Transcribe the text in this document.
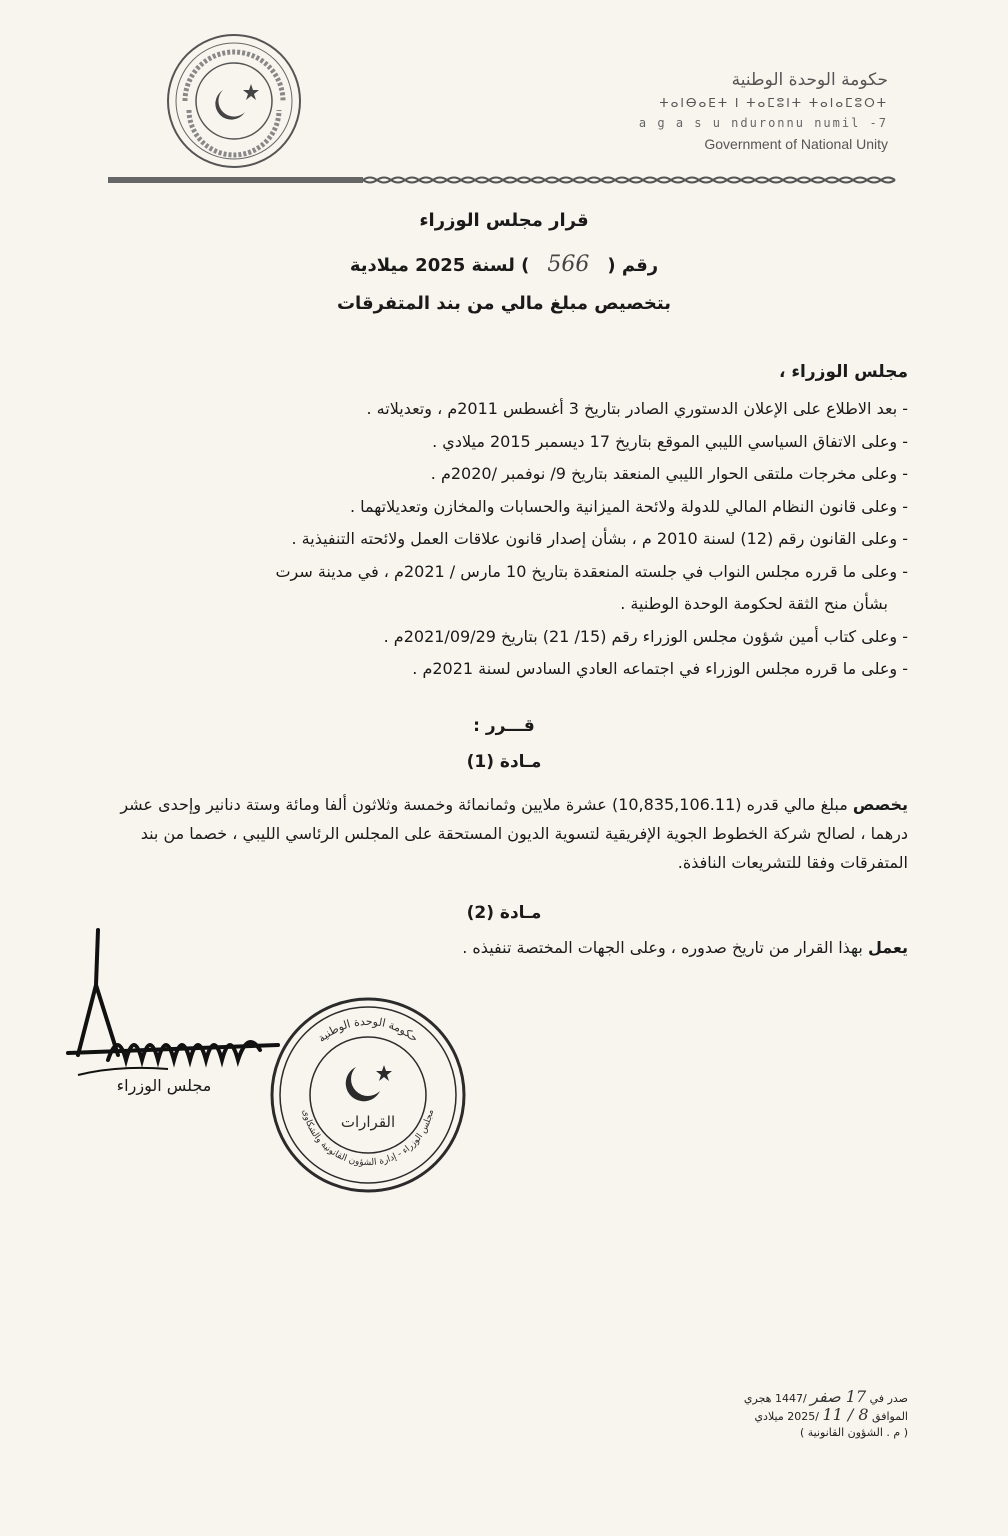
حكومة الوحدة الوطنية
ⵜⴰⵏⴱⴰⴹⵜ ⵏ ⵜⴰⵎⵓⵏⵜ ⵜⴰⵏⴰⵎⵓⵔⵜ
a g a s u nduronnu numil -7
Government of National Unity
قرار مجلس الوزراء
رقم (566) لسنة 2025 ميلادية
بتخصيص مبلغ مالي من بند المتفرقات
مجلس الوزراء ،
- بعد الاطلاع على الإعلان الدستوري الصادر بتاريخ 3 أغسطس 2011م ، وتعديلاته .
- وعلى الاتفاق السياسي الليبي الموقع بتاريخ 17 ديسمبر 2015 ميلادي .
- وعلى مخرجات ملتقى الحوار الليبي المنعقد بتاريخ 9/ نوفمبر /2020م .
- وعلى قانون النظام المالي للدولة ولائحة الميزانية والحسابات والمخازن وتعديلاتهما .
- وعلى القانون رقم (12) لسنة 2010 م ، بشأن إصدار قانون علاقات العمل ولائحته التنفيذية .
- وعلى ما قرره مجلس النواب في جلسته المنعقدة بتاريخ 10 مارس / 2021م ، في مدينة سرت
بشأن منح الثقة لحكومة الوحدة الوطنية .
- وعلى كتاب أمين شؤون مجلس الوزراء رقم (15/ 21) بتاريخ 2021/09/29م .
- وعلى ما قرره مجلس الوزراء في اجتماعه العادي السادس لسنة 2021م .
قـــرر :
مـادة (1)
يخصص مبلغ مالي قدره (10,835,106.11) عشرة ملايين وثمانمائة وخمسة وثلاثون ألفا ومائة وستة دنانير وإحدى عشر درهما ، لصالح شركة الخطوط الجوية الإفريقية لتسوية الديون المستحقة على المجلس الرئاسي الليبي ، خصما من بند المتفرقات وفقا للتشريعات النافذة.
مـادة (2)
يعمل بهذا القرار من تاريخ صدوره ، وعلى الجهات المختصة تنفيذه .
مجلس الوزراء
حكومة الوحدة الوطنية
مجلس الوزراء - إدارة الشؤون القانونية والشكاوى
القرارات
صدر في 17 صفر /1447 هجري
الموافق 8 / 11 /2025 ميلادي
( م . الشؤون القانونية )
